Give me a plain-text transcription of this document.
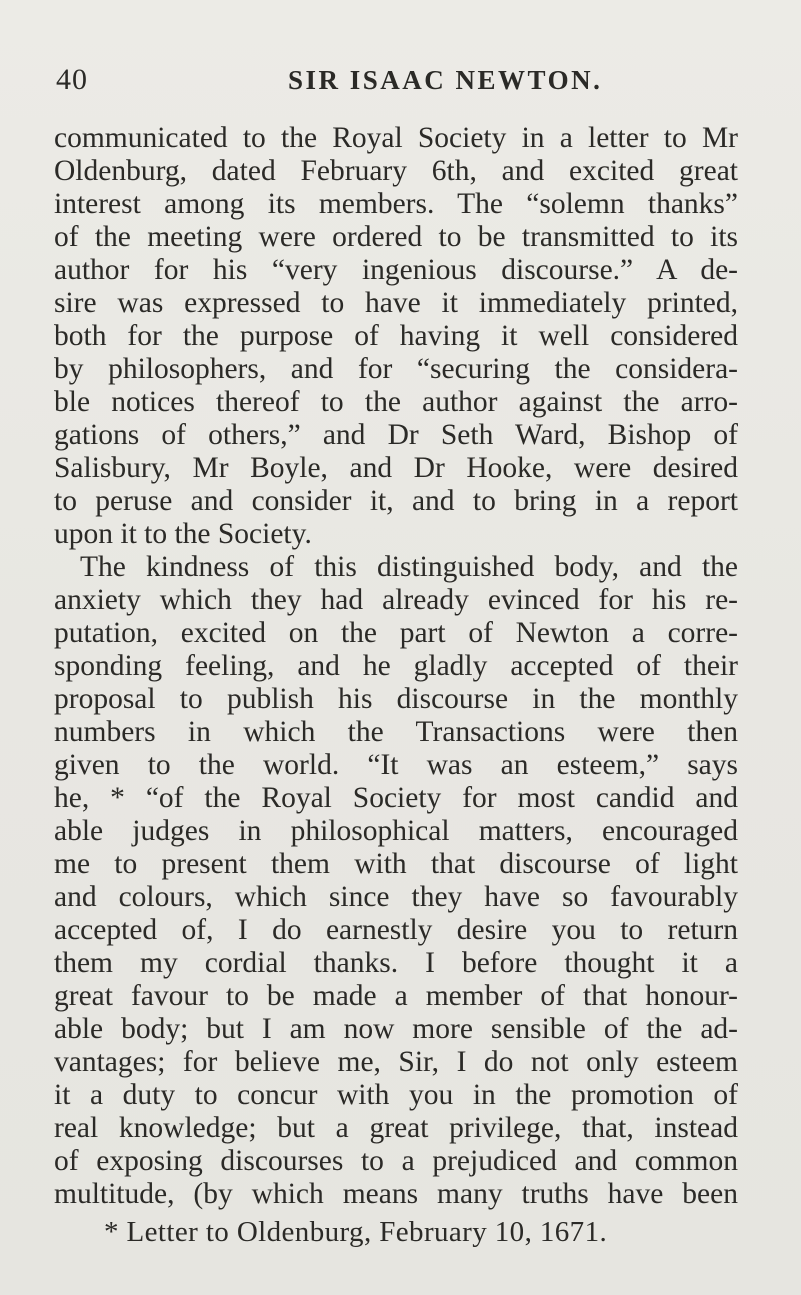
40	SIR ISAAC NEWTON.
communicated to the Royal Society in a letter to Mr
Oldenburg, dated February 6th, and excited great
interest among its members. The “solemn thanks”
of the meeting were ordered to be transmitted to its
author for his “very ingenious discourse.” A de-
sire was expressed to have it immediately printed,
both for the purpose of having it well considered
by philosophers, and for “securing the considera-
ble notices thereof to the author against the arro-
gations of others,” and Dr Seth Ward, Bishop of
Salisbury, Mr Boyle, and Dr Hooke, were desired
to peruse and consider it, and to bring in a report
upon it to the Society.
The kindness of this distinguished body, and the
anxiety which they had already evinced for his re-
putation, excited on the part of Newton a corre-
sponding feeling, and he gladly accepted of their
proposal to publish his discourse in the monthly
numbers in which the Transactions were then
given to the world. “It was an esteem,” says
he, * “of the Royal Society for most candid and
able judges in philosophical matters, encouraged
me to present them with that discourse of light
and colours, which since they have so favourably
accepted of, I do earnestly desire you to return
them my cordial thanks. I before thought it a
great favour to be made a member of that honour-
able body; but I am now more sensible of the ad-
vantages; for believe me, Sir, I do not only esteem
it a duty to concur with you in the promotion of
real knowledge; but a great privilege, that, instead
of exposing discourses to a prejudiced and common
multitude, (by which means many truths have been
* Letter to Oldenburg, February 10, 1671.
